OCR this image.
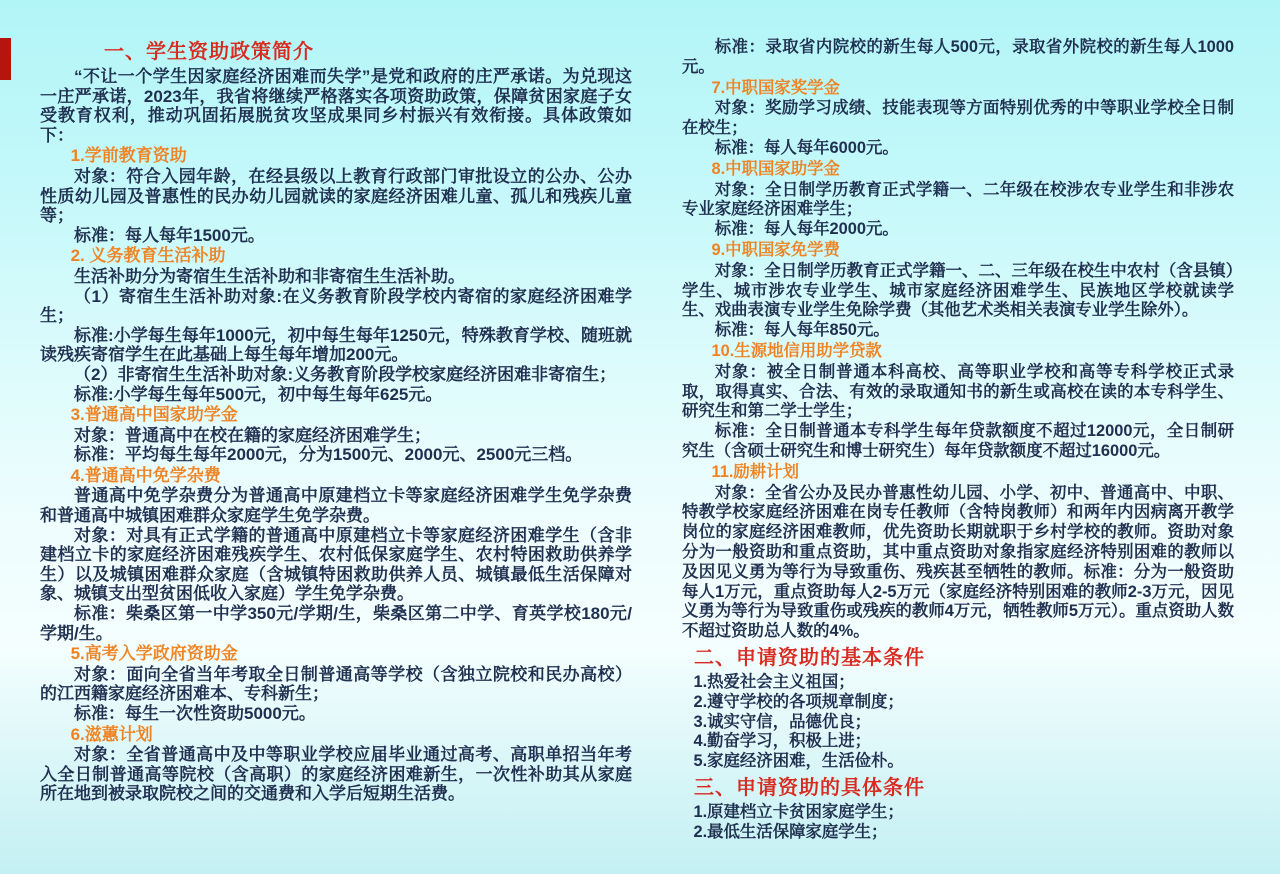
一、学生资助政策简介
“不让一个学生因家庭经济困难而失学”是党和政府的庄严承诺。为兑现这一庄严承诺，2023年，我省将继续严格落实各项资助政策，保障贫困家庭子女受教育权利，推动巩固拓展脱贫攻坚成果同乡村振兴有效衔接。具体政策如下：
1.学前教育资助
对象：符合入园年龄，在经县级以上教育行政部门审批设立的公办、公办性质幼儿园及普惠性的民办幼儿园就读的家庭经济困难儿童、孤儿和残疾儿童等；
标准：每人每年1500元。
2. 义务教育生活补助
生活补助分为寄宿生生活补助和非寄宿生生活补助。
（1）寄宿生生活补助对象:在义务教育阶段学校内寄宿的家庭经济困难学生；
标准:小学每生每年1000元，初中每生每年1250元，特殊教育学校、随班就读残疾寄宿学生在此基础上每生每年增加200元。
（2）非寄宿生生活补助对象:义务教育阶段学校家庭经济困难非寄宿生；
标准:小学每生每年500元，初中每生每年625元。
3.普通高中国家助学金
对象：普通高中在校在籍的家庭经济困难学生；
标准：平均每生每年2000元，分为1500元、2000元、2500元三档。
4.普通高中免学杂费
普通高中免学杂费分为普通高中原建档立卡等家庭经济困难学生免学杂费和普通高中城镇困难群众家庭学生免学杂费。
对象：对具有正式学籍的普通高中原建档立卡等家庭经济困难学生（含非建档立卡的家庭经济困难残疾学生、农村低保家庭学生、农村特困救助供养学生）以及城镇困难群众家庭（含城镇特困救助供养人员、城镇最低生活保障对象、城镇支出型贫困低收入家庭）学生免学杂费。
标准：柴桑区第一中学350元/学期/生，柴桑区第二中学、育英学校180元/学期/生。
5.高考入学政府资助金
对象：面向全省当年考取全日制普通高等学校（含独立院校和民办高校）的江西籍家庭经济困难本、专科新生；
标准：每生一次性资助5000元。
6.滋蕙计划
对象：全省普通高中及中等职业学校应届毕业通过高考、高职单招当年考入全日制普通高等院校（含高职）的家庭经济困难新生，一次性补助其从家庭所在地到被录取院校之间的交通费和入学后短期生活费。
标准：录取省内院校的新生每人500元，录取省外院校的新生每人1000元。
7.中职国家奖学金
对象：奖励学习成绩、技能表现等方面特别优秀的中等职业学校全日制在校生；
标准：每人每年6000元。
8.中职国家助学金
对象：全日制学历教育正式学籍一、二年级在校涉农专业学生和非涉农专业家庭经济困难学生；
标准：每人每年2000元。
9.中职国家免学费
对象：全日制学历教育正式学籍一、二、三年级在校生中农村（含县镇）学生、城市涉农专业学生、城市家庭经济困难学生、民族地区学校就读学生、戏曲表演专业学生免除学费（其他艺术类相关表演专业学生除外）。
标准：每人每年850元。
10.生源地信用助学贷款
对象：被全日制普通本科高校、高等职业学校和高等专科学校正式录取，取得真实、合法、有效的录取通知书的新生或高校在读的本专科学生、研究生和第二学士学生；
标准：全日制普通本专科学生每年贷款额度不超过12000元，全日制研究生（含硕士研究生和博士研究生）每年贷款额度不超过16000元。
11.励耕计划
对象：全省公办及民办普惠性幼儿园、小学、初中、普通高中、中职、特教学校家庭经济困难在岗专任教师（含特岗教师）和两年内因病离开教学岗位的家庭经济困难教师，优先资助长期就职于乡村学校的教师。资助对象分为一般资助和重点资助，其中重点资助对象指家庭经济特别困难的教师以及因见义勇为等行为导致重伤、残疾甚至牺牲的教师。标准：分为一般资助每人1万元，重点资助每人2-5万元（家庭经济特别困难的教师2-3万元，因见义勇为等行为导致重伤或残疾的教师4万元，牺牲教师5万元）。重点资助人数不超过资助总人数的4%。
二、申请资助的基本条件
1.热爱社会主义祖国；
2.遵守学校的各项规章制度；
3.诚实守信，品德优良；
4.勤奋学习，积极上进；
5.家庭经济困难，生活俭朴。
三、申请资助的具体条件
1.原建档立卡贫困家庭学生；
2.最低生活保障家庭学生；
